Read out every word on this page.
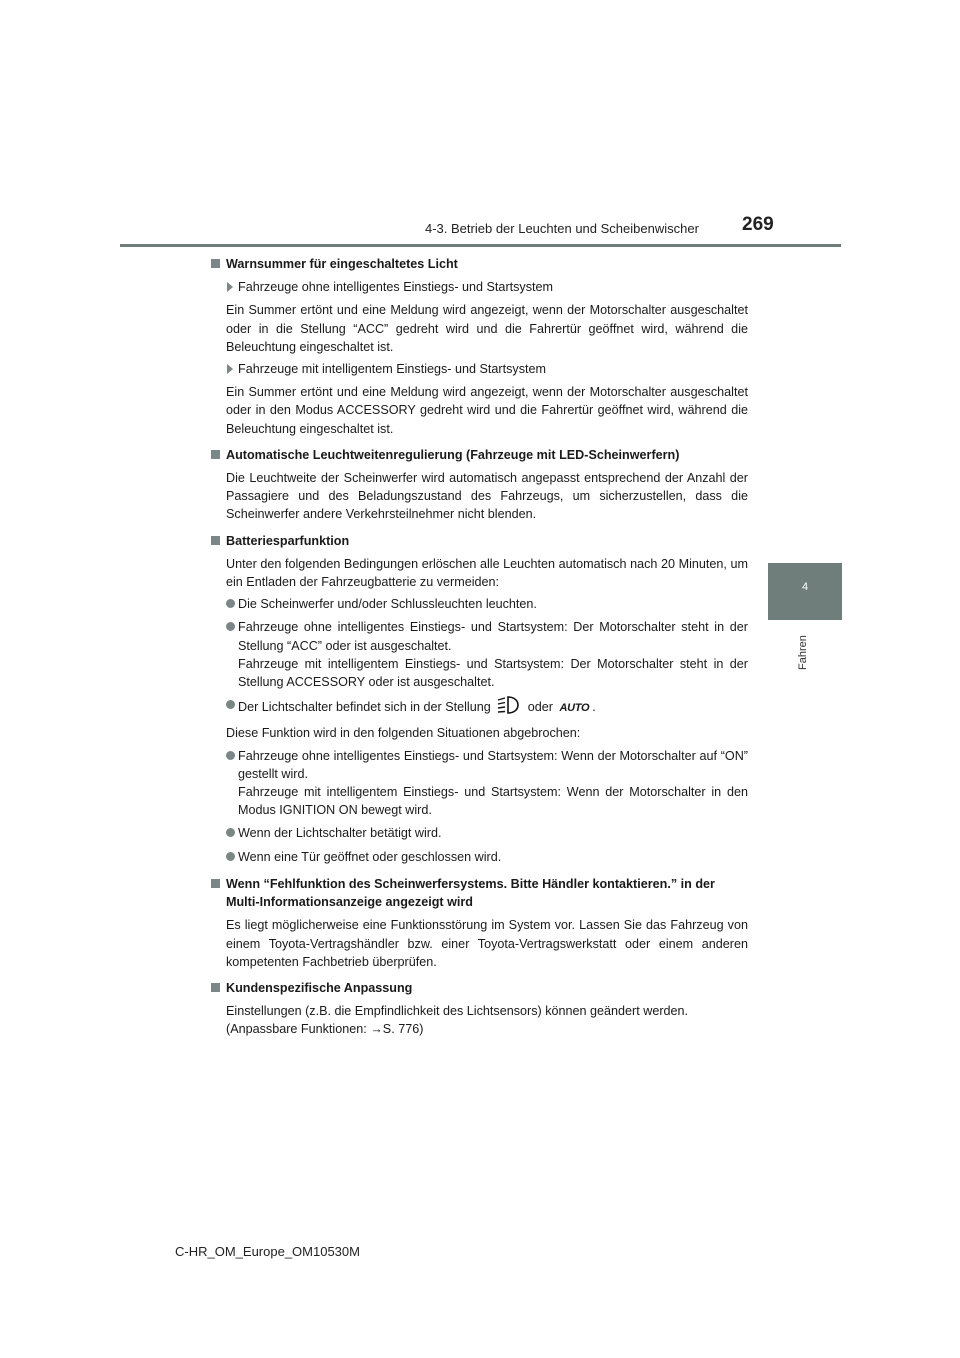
4-3. Betrieb der Leuchten und Scheibenwischer 269
4
Fahren
Warnsummer für eingeschaltetes Licht
Fahrzeuge ohne intelligentes Einstiegs- und Startsystem
Ein Summer ertönt und eine Meldung wird angezeigt, wenn der Motorschalter ausgeschaltet oder in die Stellung “ACC” gedreht wird und die Fahrertür geöffnet wird, während die Beleuchtung eingeschaltet ist.
Fahrzeuge mit intelligentem Einstiegs- und Startsystem
Ein Summer ertönt und eine Meldung wird angezeigt, wenn der Motorschalter ausgeschaltet oder in den Modus ACCESSORY gedreht wird und die Fahrertür geöffnet wird, während die Beleuchtung eingeschaltet ist.
Automatische Leuchtweitenregulierung (Fahrzeuge mit LED-Scheinwerfern)
Die Leuchtweite der Scheinwerfer wird automatisch angepasst entsprechend der Anzahl der Passagiere und des Beladungszustand des Fahrzeugs, um sicherzustellen, dass die Scheinwerfer andere Verkehrsteilnehmer nicht blenden.
Batteriesparfunktion
Unter den folgenden Bedingungen erlöschen alle Leuchten automatisch nach 20 Minuten, um ein Entladen der Fahrzeugbatterie zu vermeiden:
Die Scheinwerfer und/oder Schlussleuchten leuchten.
Fahrzeuge ohne intelligentes Einstiegs- und Startsystem: Der Motorschalter steht in der Stellung “ACC” oder ist ausgeschaltet.
Fahrzeuge mit intelligentem Einstiegs- und Startsystem: Der Motorschalter steht in der Stellung ACCESSORY oder ist ausgeschaltet.
Der Lichtschalter befindet sich in der Stellung	oder AUTO .
Diese Funktion wird in den folgenden Situationen abgebrochen:
Fahrzeuge ohne intelligentes Einstiegs- und Startsystem: Wenn der Motorschalter auf “ON” gestellt wird.
Fahrzeuge mit intelligentem Einstiegs- und Startsystem: Wenn der Motorschalter in den Modus IGNITION ON bewegt wird.
Wenn der Lichtschalter betätigt wird.
Wenn eine Tür geöffnet oder geschlossen wird.
Wenn “Fehlfunktion des Scheinwerfersystems. Bitte Händler kontaktieren.” in der Multi-Informationsanzeige angezeigt wird
Es liegt möglicherweise eine Funktionsstörung im System vor. Lassen Sie das Fahrzeug von einem Toyota-Vertragshändler bzw. einer Toyota-Vertragswerkstatt oder einem anderen kompetenten Fachbetrieb überprüfen.
Kundenspezifische Anpassung
Einstellungen (z.B. die Empfindlichkeit des Lichtsensors) können geändert werden.
(Anpassbare Funktionen: →S. 776)
C-HR_OM_Europe_OM10530M
